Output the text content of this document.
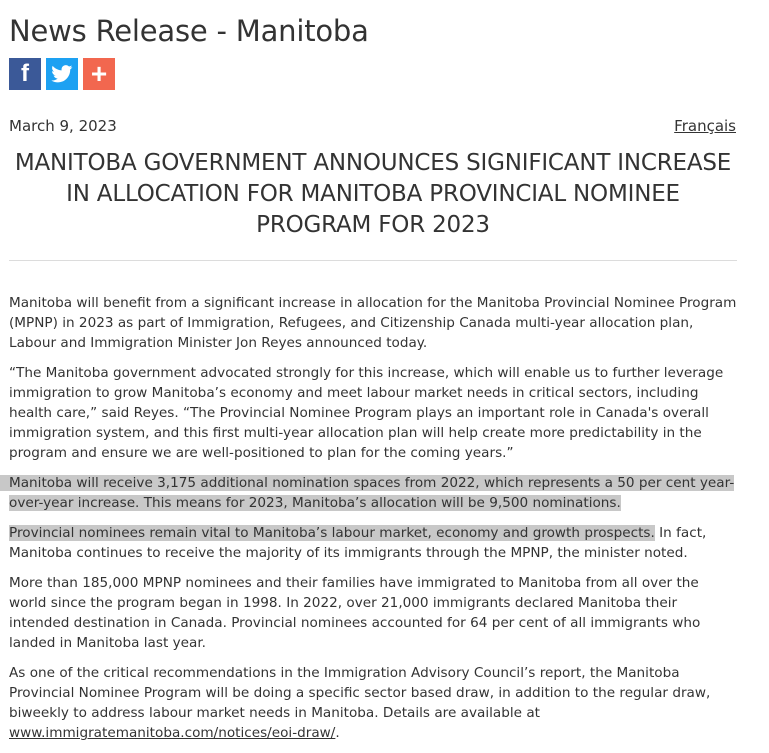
News Release - Manitoba
f +
March 9, 2023	Français
MANITOBA GOVERNMENT ANNOUNCES SIGNIFICANT INCREASE IN ALLOCATION FOR MANITOBA PROVINCIAL NOMINEE PROGRAM FOR 2023

Manitoba will benefit from a significant increase in allocation for the Manitoba Provincial Nominee Program (MPNP) in 2023 as part of Immigration, Refugees, and Citizenship Canada multi-year allocation plan, Labour and Immigration Minister Jon Reyes announced today.

“The Manitoba government advocated strongly for this increase, which will enable us to further leverage immigration to grow Manitoba’s economy and meet labour market needs in critical sectors, including health care,” said Reyes. “The Provincial Nominee Program plays an important role in Canada's overall immigration system, and this first multi-year allocation plan will help create more predictability in the program and ensure we are well-positioned to plan for the coming years.”

Manitoba will receive 3,175 additional nomination spaces from 2022, which represents a 50 per cent year-over-year increase. This means for 2023, Manitoba’s allocation will be 9,500 nominations.

Provincial nominees remain vital to Manitoba’s labour market, economy and growth prospects. In fact, Manitoba continues to receive the majority of its immigrants through the MPNP, the minister noted.

More than 185,000 MPNP nominees and their families have immigrated to Manitoba from all over the world since the program began in 1998. In 2022, over 21,000 immigrants declared Manitoba their intended destination in Canada. Provincial nominees accounted for 64 per cent of all immigrants who landed in Manitoba last year.

As one of the critical recommendations in the Immigration Advisory Council’s report, the Manitoba Provincial Nominee Program will be doing a specific sector based draw, in addition to the regular draw, biweekly to address labour market needs in Manitoba. Details are available at www.immigratemanitoba.com/notices/eoi-draw/.
